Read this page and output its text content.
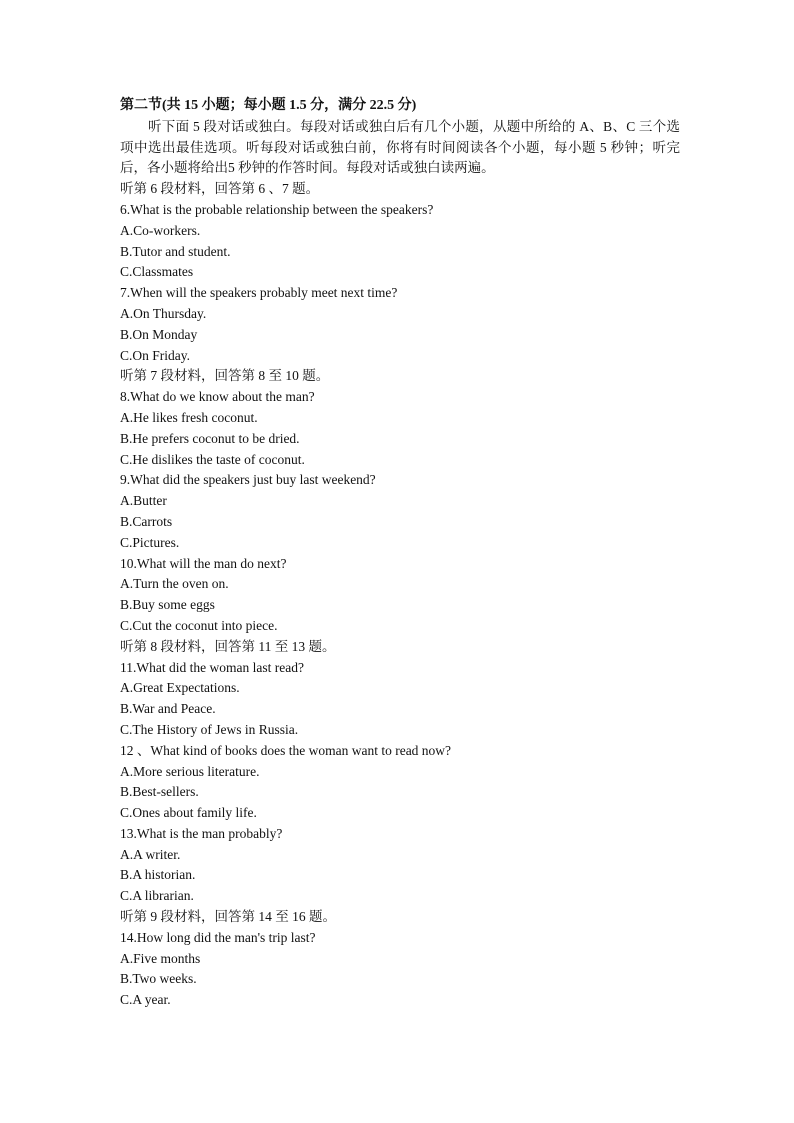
第二节(共 15 小题；每小题 1.5 分，满分 22.5 分)

听下面 5 段对话或独白。每段对话或独白后有几个小题，从题中所给的 A、B、C 三个选项中选出最佳选项。听每段对话或独白前，你将有时间阅读各个小题，每小题 5 秒钟；听完后，各小题将给出5 秒钟的作答时间。每段对话或独白读两遍。

听第 6 段材料，回答第 6 、7 题。

6.What is the probable relationship between the speakers?

A.Co-workers.

B.Tutor and student.

C.Classmates

7.When will the speakers probably meet next time?

A.On Thursday.

B.On Monday

C.On Friday.

听第 7 段材料，回答第 8 至 10 题。

8.What do we know about the man?

A.He likes fresh coconut.

B.He prefers coconut to be dried.

C.He dislikes the taste of coconut.

9.What did the speakers just buy last weekend?

A.Butter

B.Carrots

C.Pictures.

10.What will the man do next?

A.Turn the oven on.

B.Buy some eggs

C.Cut the coconut into piece.

听第 8 段材料，回答第 11 至 13 题。

11.What did the woman last read?

A.Great Expectations.

B.War and Peace.

C.The History of Jews in Russia.

12 、What kind of books does the woman want to read now?

A.More serious literature.

B.Best-sellers.

C.Ones about family life.

13.What is the man probably?

A.A writer.

B.A historian.

C.A librarian.

听第 9 段材料，回答第 14 至 16 题。

14.How long did the man's trip last?

A.Five months

B.Two weeks.

C.A year.
